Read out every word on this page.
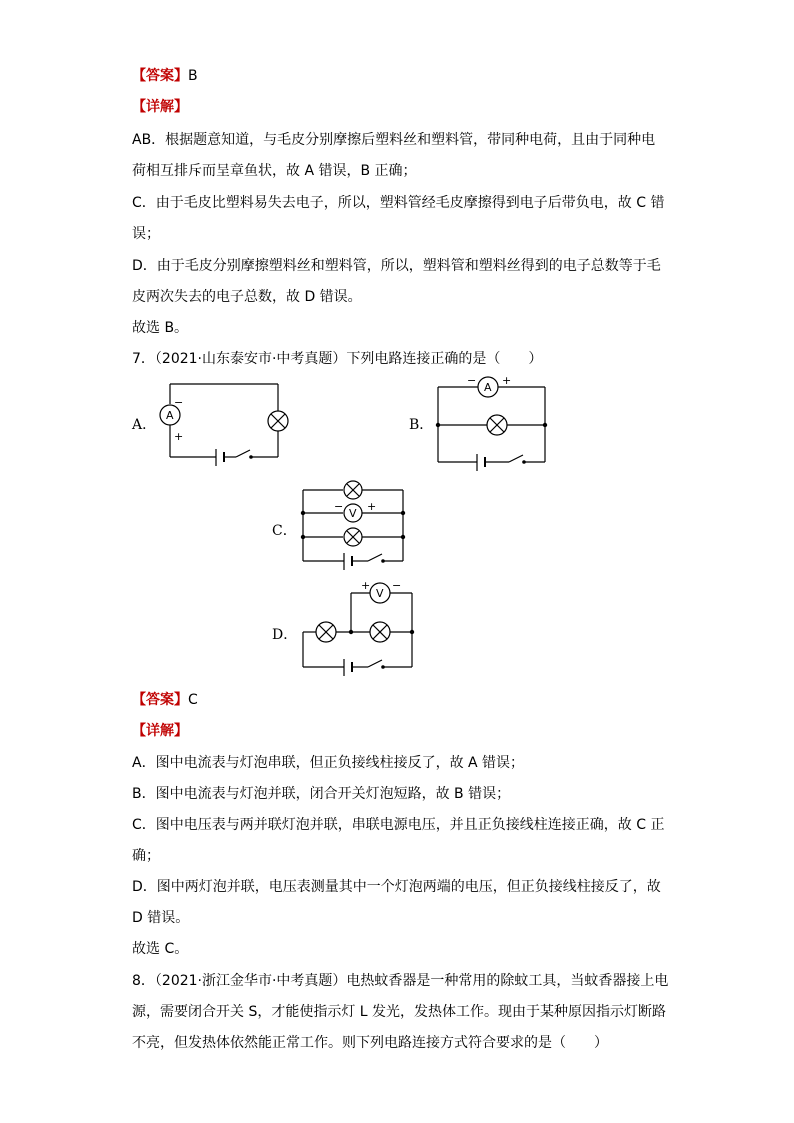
【答案】B
【详解】
AB．根据题意知道，与毛皮分别摩擦后塑料丝和塑料管，带同种电荷，且由于同种电
荷相互排斥而呈章鱼状，故 A 错误，B 正确；
C．由于毛皮比塑料易失去电子，所以，塑料管经毛皮摩擦得到电子后带负电，故 C 错
误；
D．由于毛皮分别摩擦塑料丝和塑料管，所以，塑料管和塑料丝得到的电子总数等于毛
皮两次失去的电子总数，故 D 错误。
故选 B。
7．（2021·山东泰安市·中考真题）下列电路连接正确的是（　　）
A．
A
−
+
B．
A
− +
C．
V
− +
D．
V
+ −
【答案】C
【详解】
A．图中电流表与灯泡串联，但正负接线柱接反了，故 A 错误；
B．图中电流表与灯泡并联，闭合开关灯泡短路，故 B 错误；
C．图中电压表与两并联灯泡并联，串联电源电压，并且正负接线柱连接正确，故 C 正
确；
D．图中两灯泡并联，电压表测量其中一个灯泡两端的电压，但正负接线柱接反了，故
D 错误。
故选 C。
8．（2021·浙江金华市·中考真题）电热蚊香器是一种常用的除蚊工具，当蚊香器接上电
源，需要闭合开关 S，才能使指示灯 L 发光，发热体工作。现由于某种原因指示灯断路
不亮，但发热体依然能正常工作。则下列电路连接方式符合要求的是（　　）
